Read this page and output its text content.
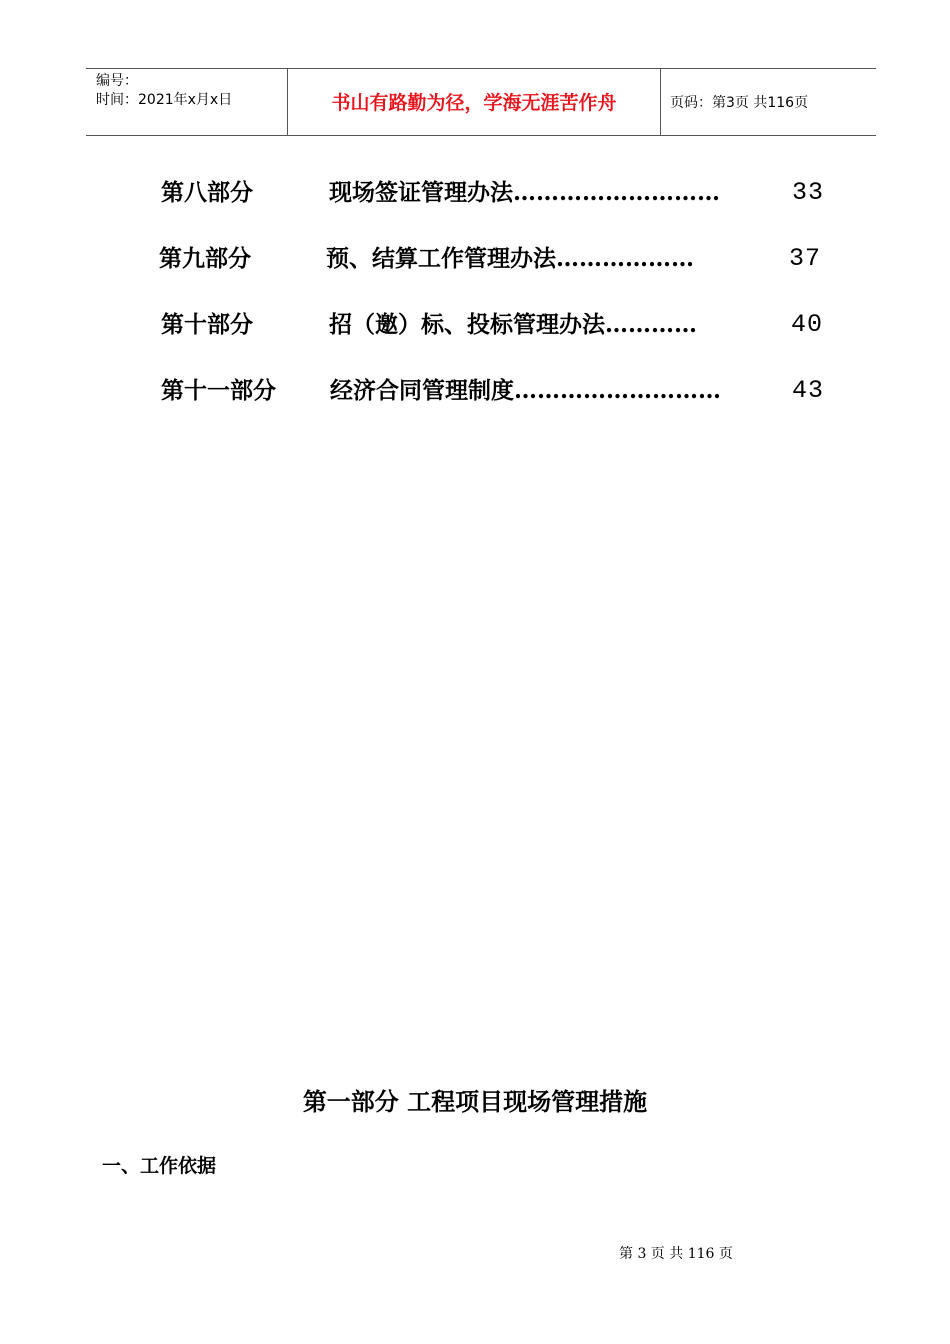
编号：
时间：2021年x月x日	书山有路勤为径，学海无涯苦作舟	页码：第3页 共116页
第八部分	现场签证管理办法………………………	33
第九部分	预、结算工作管理办法………………	37
第十部分	招（邀）标、投标管理办法…………	40
第十一部分 经济合同管理制度………………………	43
第一部分 工程项目现场管理措施
一、工作依据
第 3 页 共 116 页
